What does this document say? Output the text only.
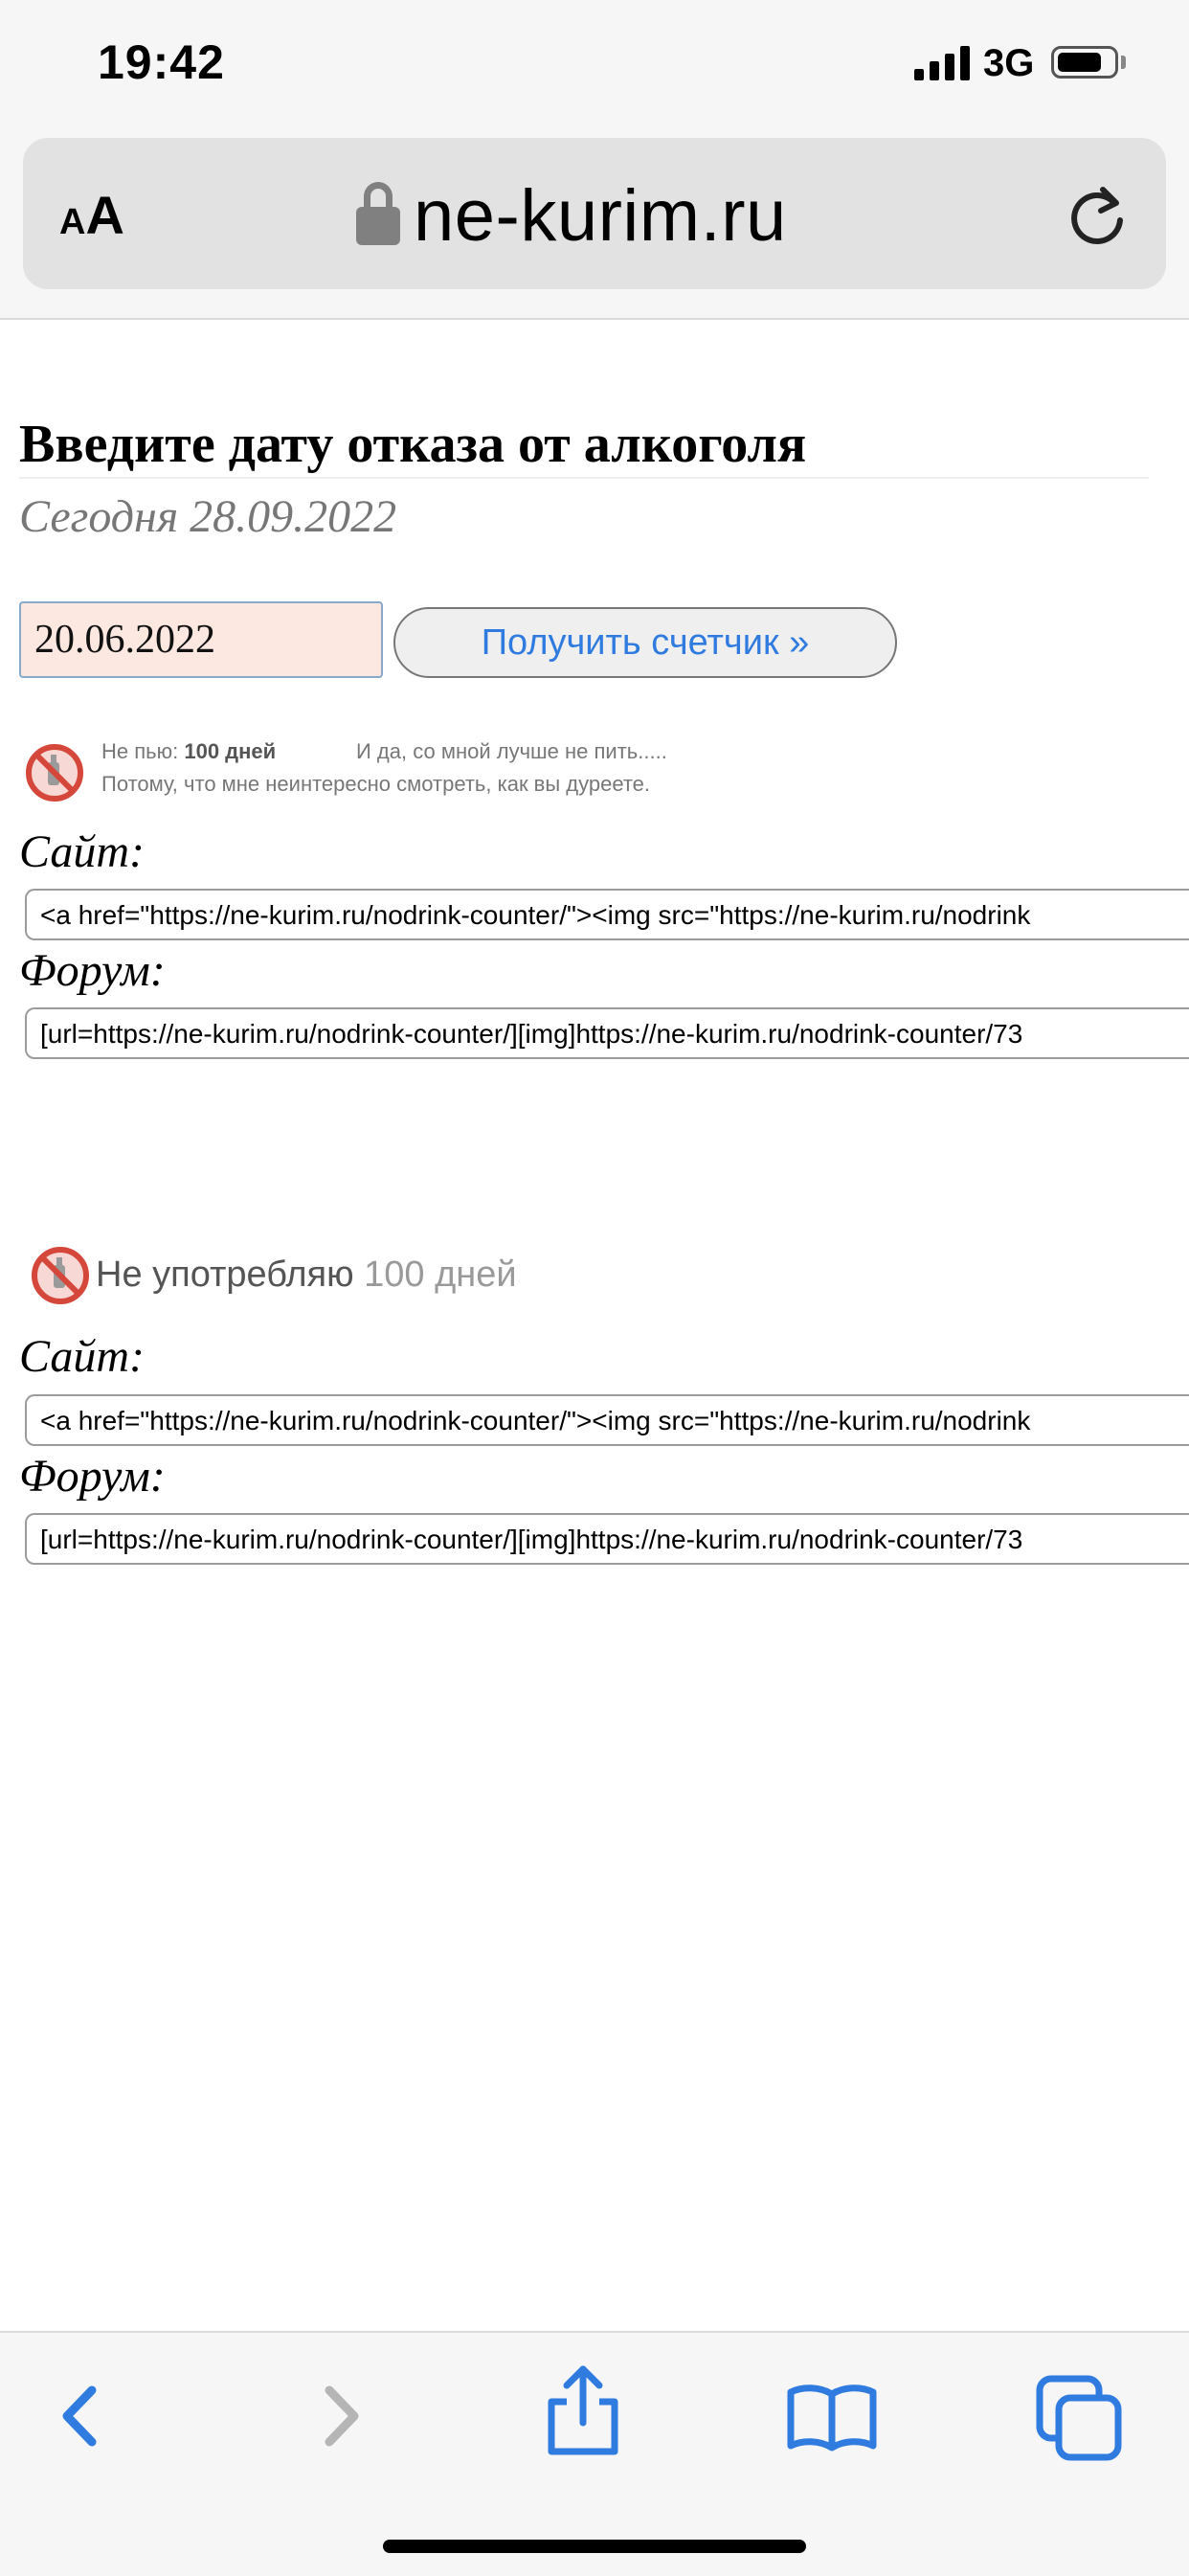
19:42	3G
AA	ne-kurim.ru
Введите дату отказа от алкоголя
Сегодня 28.09.2022
20.06.2022	Получить счетчик »
Не пью: 100 дней	И да, со мной лучше не пить.....
Потому, что мне неинтересно смотреть, как вы дуреете.
Сайт:
<a href="https://ne-kurim.ru/nodrink-counter/"><img src="https://ne-kurim.ru/nodrink
Форум:
[url=https://ne-kurim.ru/nodrink-counter/][img]https://ne-kurim.ru/nodrink-counter/73
Не употребляю 100 дней
Сайт:
<a href="https://ne-kurim.ru/nodrink-counter/"><img src="https://ne-kurim.ru/nodrink
Форум:
[url=https://ne-kurim.ru/nodrink-counter/][img]https://ne-kurim.ru/nodrink-counter/73
